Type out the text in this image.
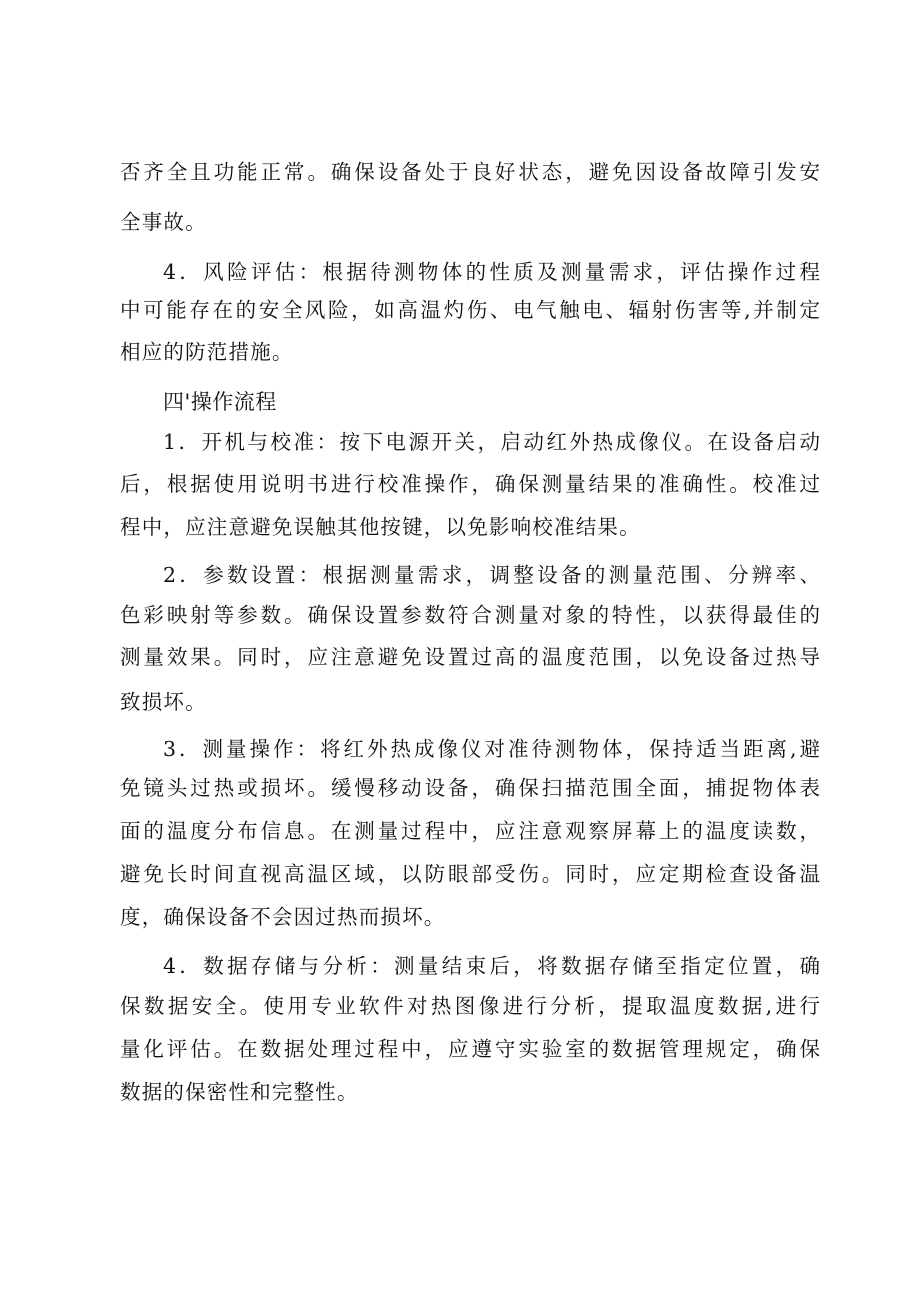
否齐全且功能正常。确保设备处于良好状态，避免因设备故障引发安
全事故。
4．风险评估：根据待测物体的性质及测量需求，评估操作过程
中可能存在的安全风险，如高温灼伤、电气触电、辐射伤害等,并制定
相应的防范措施。
四'操作流程
1．开机与校准：按下电源开关，启动红外热成像仪。在设备启动
后，根据使用说明书进行校准操作，确保测量结果的准确性。校准过
程中，应注意避免误触其他按键，以免影响校准结果。
2．参数设置：根据测量需求，调整设备的测量范围、分辨率、
色彩映射等参数。确保设置参数符合测量对象的特性，以获得最佳的
测量效果。同时，应注意避免设置过高的温度范围，以免设备过热导
致损坏。
3．测量操作：将红外热成像仪对准待测物体，保持适当距离,避
免镜头过热或损坏。缓慢移动设备，确保扫描范围全面，捕捉物体表
面的温度分布信息。在测量过程中，应注意观察屏幕上的温度读数，
避免长时间直视高温区域，以防眼部受伤。同时，应定期检查设备温
度，确保设备不会因过热而损坏。
4．数据存储与分析：测量结束后，将数据存储至指定位置，确
保数据安全。使用专业软件对热图像进行分析，提取温度数据,进行
量化评估。在数据处理过程中，应遵守实验室的数据管理规定，确保
数据的保密性和完整性。
